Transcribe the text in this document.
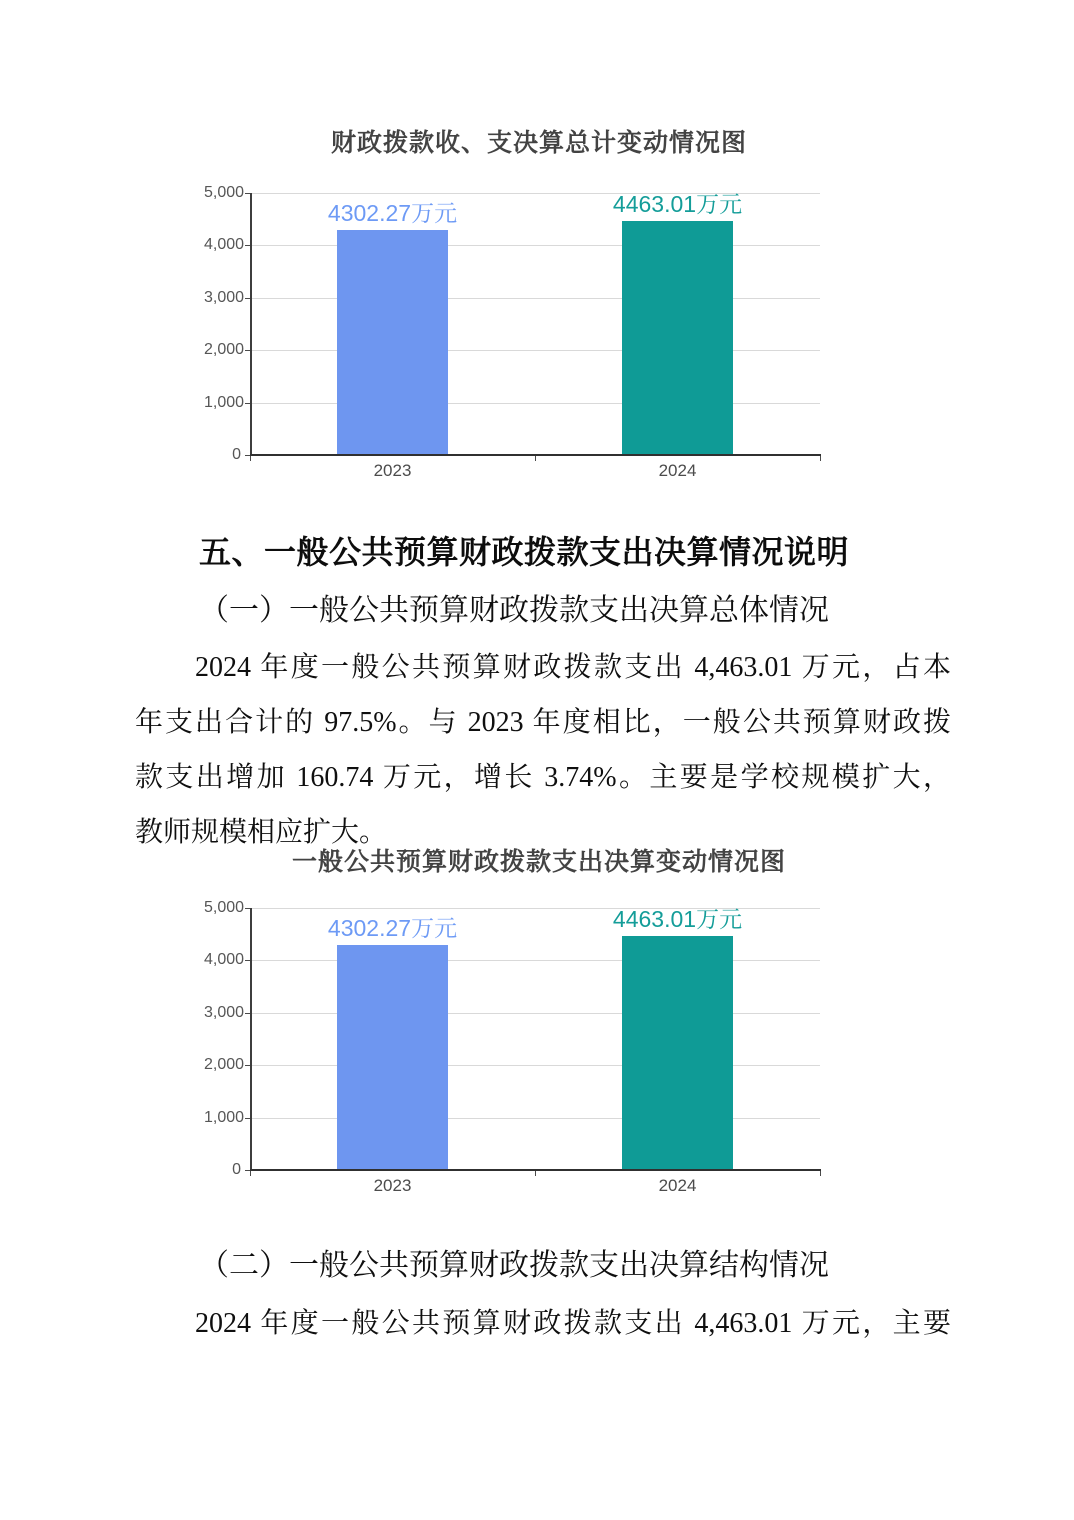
财政拨款收、支决算总计变动情况图
0
1,000
2,000
3,000
4,000
5,000
4302.27万元	4463.01万元
2023	2024
五、一般公共预算财政拨款支出决算情况说明
（一）一般公共预算财政拨款支出决算总体情况
2024 年度一般公共预算财政拨款支出 4,463.01 万元，占本
年支出合计的 97.5%。与 2023 年度相比，一般公共预算财政拨
款支出增加 160.74 万元，增长 3.74%。主要是学校规模扩大，
教师规模相应扩大。
一般公共预算财政拨款支出决算变动情况图
0
1,000
2,000
3,000
4,000
5,000
4302.27万元	4463.01万元
2023	2024
（二）一般公共预算财政拨款支出决算结构情况
2024 年度一般公共预算财政拨款支出 4,463.01 万元，主要
